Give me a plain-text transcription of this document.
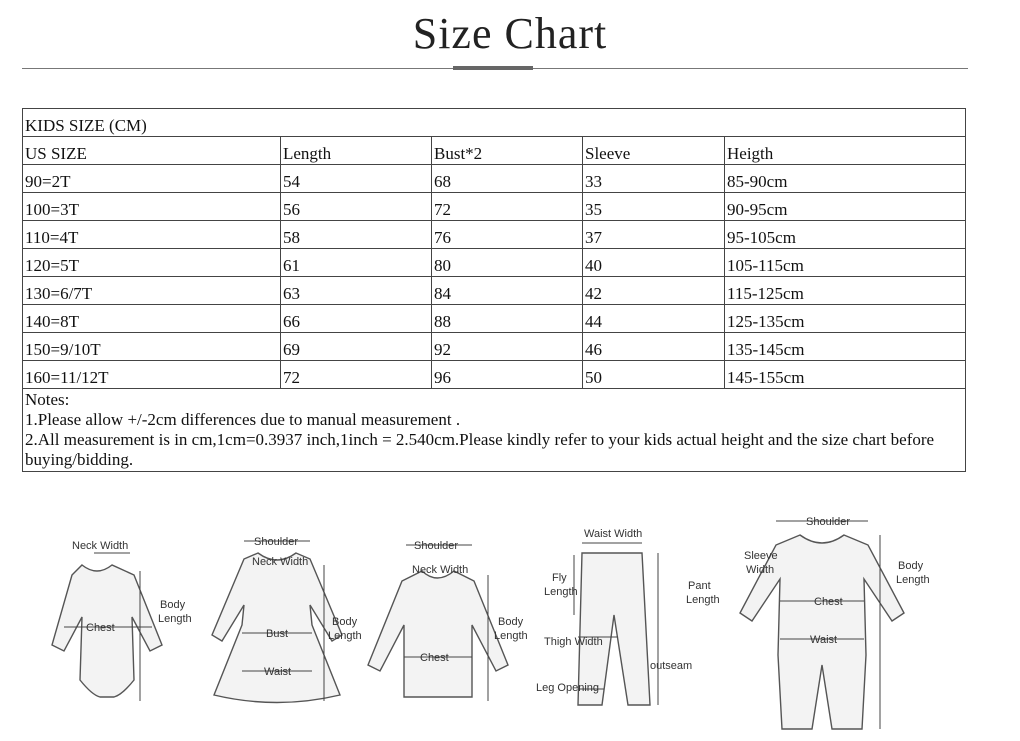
Size Chart
KIDS SIZE (CM)				
US SIZE	Length	Bust*2	Sleeve	Heigth
90=2T	54	68	33	85-90cm
100=3T	56	72	35	90-95cm
110=4T	58	76	37	95-105cm
120=5T	61	80	40	105-115cm
130=6/7T	63	84	42	115-125cm
140=8T	66	88	44	125-135cm
150=9/10T	69	92	46	135-145cm
160=11/12T	72	96	50	145-155cm

Notes:
1.Please allow +/-2cm differences due to manual measurement .
2.All measurement is in cm,1cm=0.3937 inch,1inch = 2.540cm.Please kindly refer to your kids actual height and the size chart before buying/bidding.				
Neck Width
Chest
Body
Length
Shoulder
Neck Width
Bust
Waist
Body
Length
Shoulder
Neck Width
Chest
Body
Length
Waist Width
Fly
Length	Pant
Length
Thigh Width
outseam
Leg Opening
Shoulder
Sleeve
Width
Chest
Waist
Body
Length
